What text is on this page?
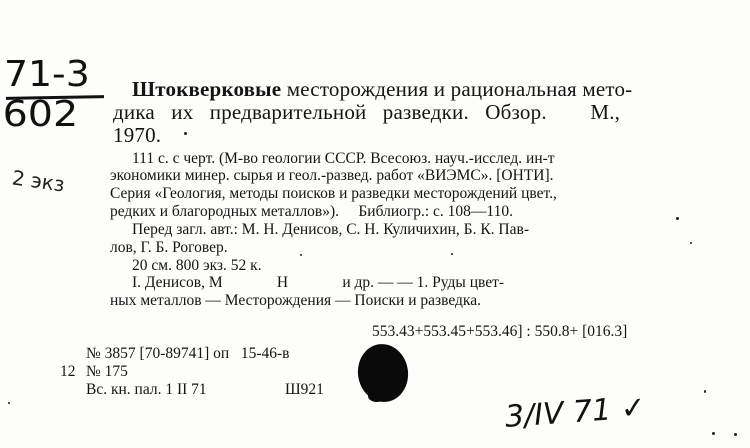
71-3
602
2 экз
Штокверковые месторождения и рациональная мето-
дика   их   предварительной   разведки.   Обзор.        М.,
1970.
111 с. с черт. (М-во геологии СССР. Всесоюз. науч.-исслед. ин-т
экономики минер. сырья и геол.-развед. работ «ВИЭМС». [ОНТИ].
Серия «Геология, методы поисков и разведки месторождений цвет.,
редких и благородных металлов»).     Библиогр.: с. 108—110.
Перед загл. авт.: М. Н. Денисов, С. Н. Куличихин, Б. К. Пав-
лов, Г. Б. Роговер.
20 см. 800 экз. 52 к.
I. Денисов, М              Н              и др. — — 1. Руды цвет-
ных металлов — Месторождения — Поиски и разведка.
553.43+553.45+553.46] : 550.8+ [016.3]
№ 3857 [70-89741] оп   15-46-в
12 № 175
Вс. кн. пал. 1 II 71	Ш921
3/IV 71 ✓
